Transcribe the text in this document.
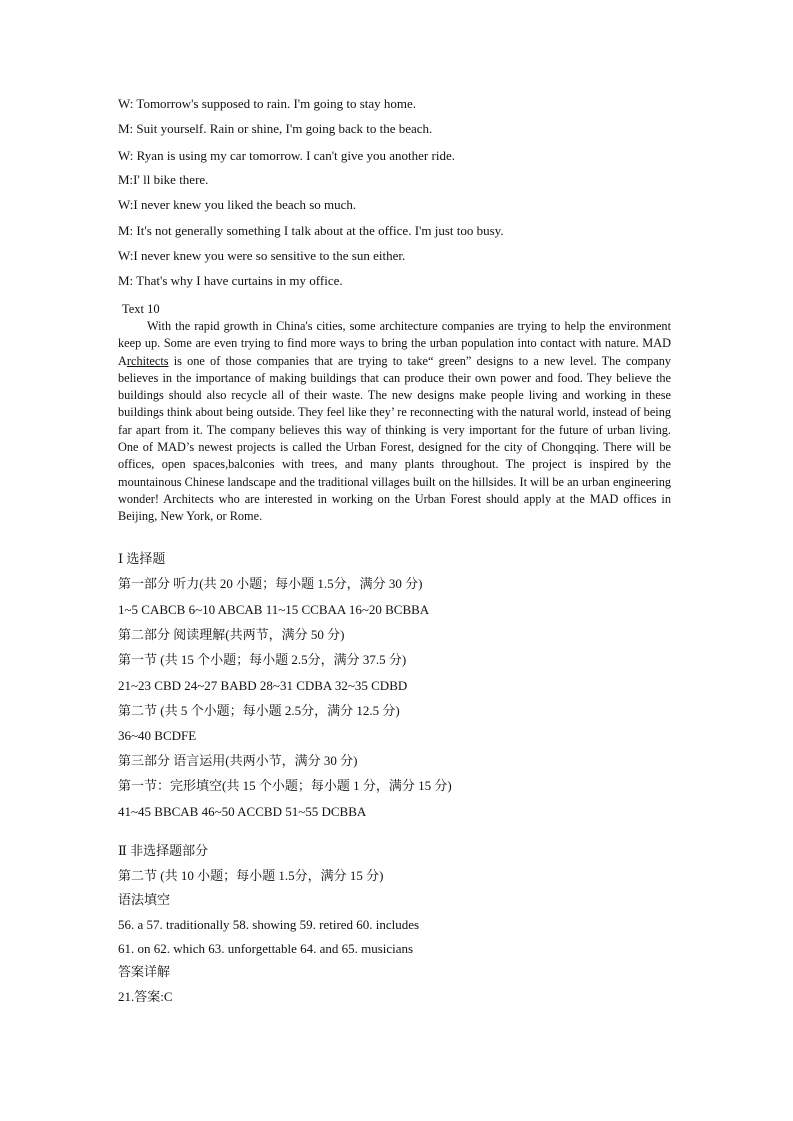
W: Tomorrow's supposed to rain. I'm going to stay home.
M: Suit yourself. Rain or shine, I'm going back to the beach.
W: Ryan is using my car tomorrow. I can't give you another ride.
M:I' ll bike there.
W:I never knew you liked the beach so much.
M: It's not generally something I talk about at the office. I'm just too busy.
W:I never knew you were so sensitive to the sun either.
M: That's why I have curtains in my office.
Text 10
With the rapid growth in China's cities, some architecture companies are trying to help the environment keep up. Some are even trying to find more ways to bring the urban population into contact with nature. MAD Architects is one of those companies that are trying to take“ green” designs to a new level. The company believes in the importance of making buildings that can produce their own power and food. They believe the buildings should also recycle all of their waste. The new designs make people living and working in these buildings think about being outside. They feel like they’ re reconnecting with the natural world, instead of being far apart from it. The company believes this way of thinking is very important for the future of urban living. One of MAD’s newest projects is called the Urban Forest, designed for the city of Chongqing. There will be offices, open spaces,balconies with trees, and many plants throughout. The project is inspired by the mountainous Chinese landscape and the traditional villages built on the hillsides. It will be an urban engineering wonder! Architects who are interested in working on the Urban Forest should apply at the MAD offices in Beijing, New York, or Rome.
Ⅰ 选择题
第一部分 听力(共 20 小题；每小题 1.5分，满分 30 分)
1~5 CABCB 6~10 ABCAB 11~15 CCBAA 16~20 BCBBA
第二部分 阅读理解(共两节，满分 50 分)
第一节 (共 15 个小题；每小题 2.5分，满分 37.5 分)
21~23 CBD 24~27 BABD 28~31 CDBA 32~35 CDBD
第二节 (共 5 个小题；每小题 2.5分，满分 12.5 分)
36~40 BCDFE
第三部分 语言运用(共两小节，满分 30 分)
第一节：完形填空(共 15 个小题；每小题 1 分，满分 15 分)
41~45 BBCAB 46~50 ACCBD 51~55 DCBBA
Ⅱ 非选择题部分
第二节 (共 10 小题；每小题 1.5分，满分 15 分)
语法填空
56. a 57. traditionally 58. showing 59. retired 60. includes
61. on 62. which 63. unforgettable 64. and 65. musicians
答案详解
21.答案:C
